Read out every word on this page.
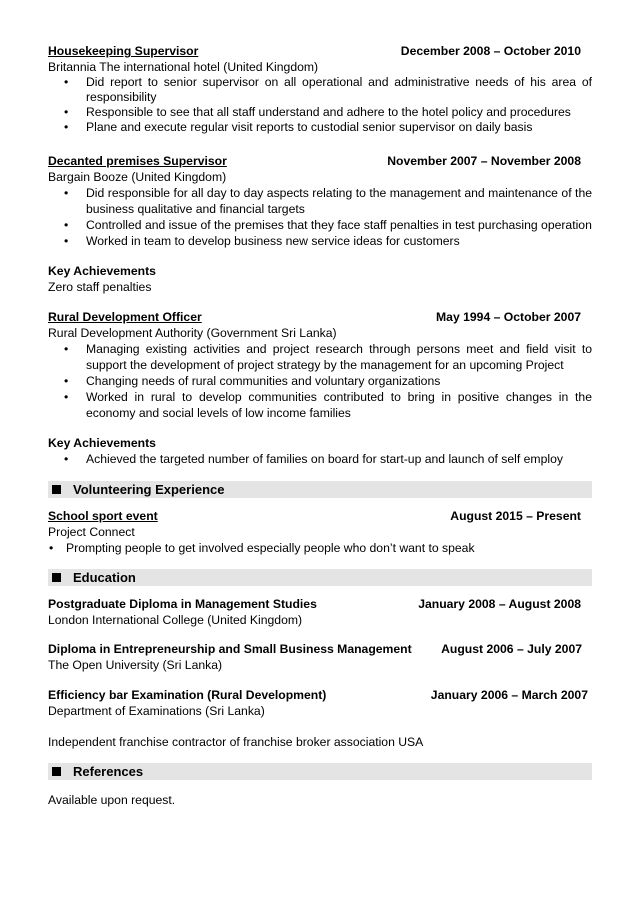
Housekeeping Supervisor	December 2008 – October 2010
Britannia The international hotel (United Kingdom)
• Did report to senior supervisor on all operational and administrative needs of his area of responsibility
• Responsible to see that all staff understand and adhere to the hotel policy and procedures
• Plane and execute regular visit reports to custodial senior supervisor on daily basis
Decanted premises Supervisor	November 2007 – November 2008
Bargain Booze (United Kingdom)
• Did responsible for all day to day aspects relating to the management and maintenance of the business qualitative and financial targets
• Controlled and issue of the premises that they face staff penalties in test purchasing operation
• Worked in team to develop business new service ideas for customers
Key Achievements
Zero staff penalties
Rural Development Officer	May 1994 – October 2007
Rural Development Authority (Government Sri Lanka)
• Managing existing activities and project research through persons meet and field visit to support the development of project strategy by the management for an upcoming Project
• Changing needs of rural communities and voluntary organizations
• Worked in rural to develop communities contributed to bring in positive changes in the economy and social levels of low income families
Key Achievements
• Achieved the targeted number of families on board for start-up and launch of self employ
Volunteering Experience
School sport event	August 2015 – Present
Project Connect
• Prompting people to get involved especially people who don’t want to speak
Education
Postgraduate Diploma in Management Studies	January 2008 – August 2008
London International College (United Kingdom)
Diploma in Entrepreneurship and Small Business Management August 2006 – July 2007
The Open University (Sri Lanka)
Efficiency bar Examination (Rural Development)	January 2006 – March 2007
Department of Examinations (Sri Lanka)
Independent franchise contractor of franchise broker association USA
References
Available upon request.
